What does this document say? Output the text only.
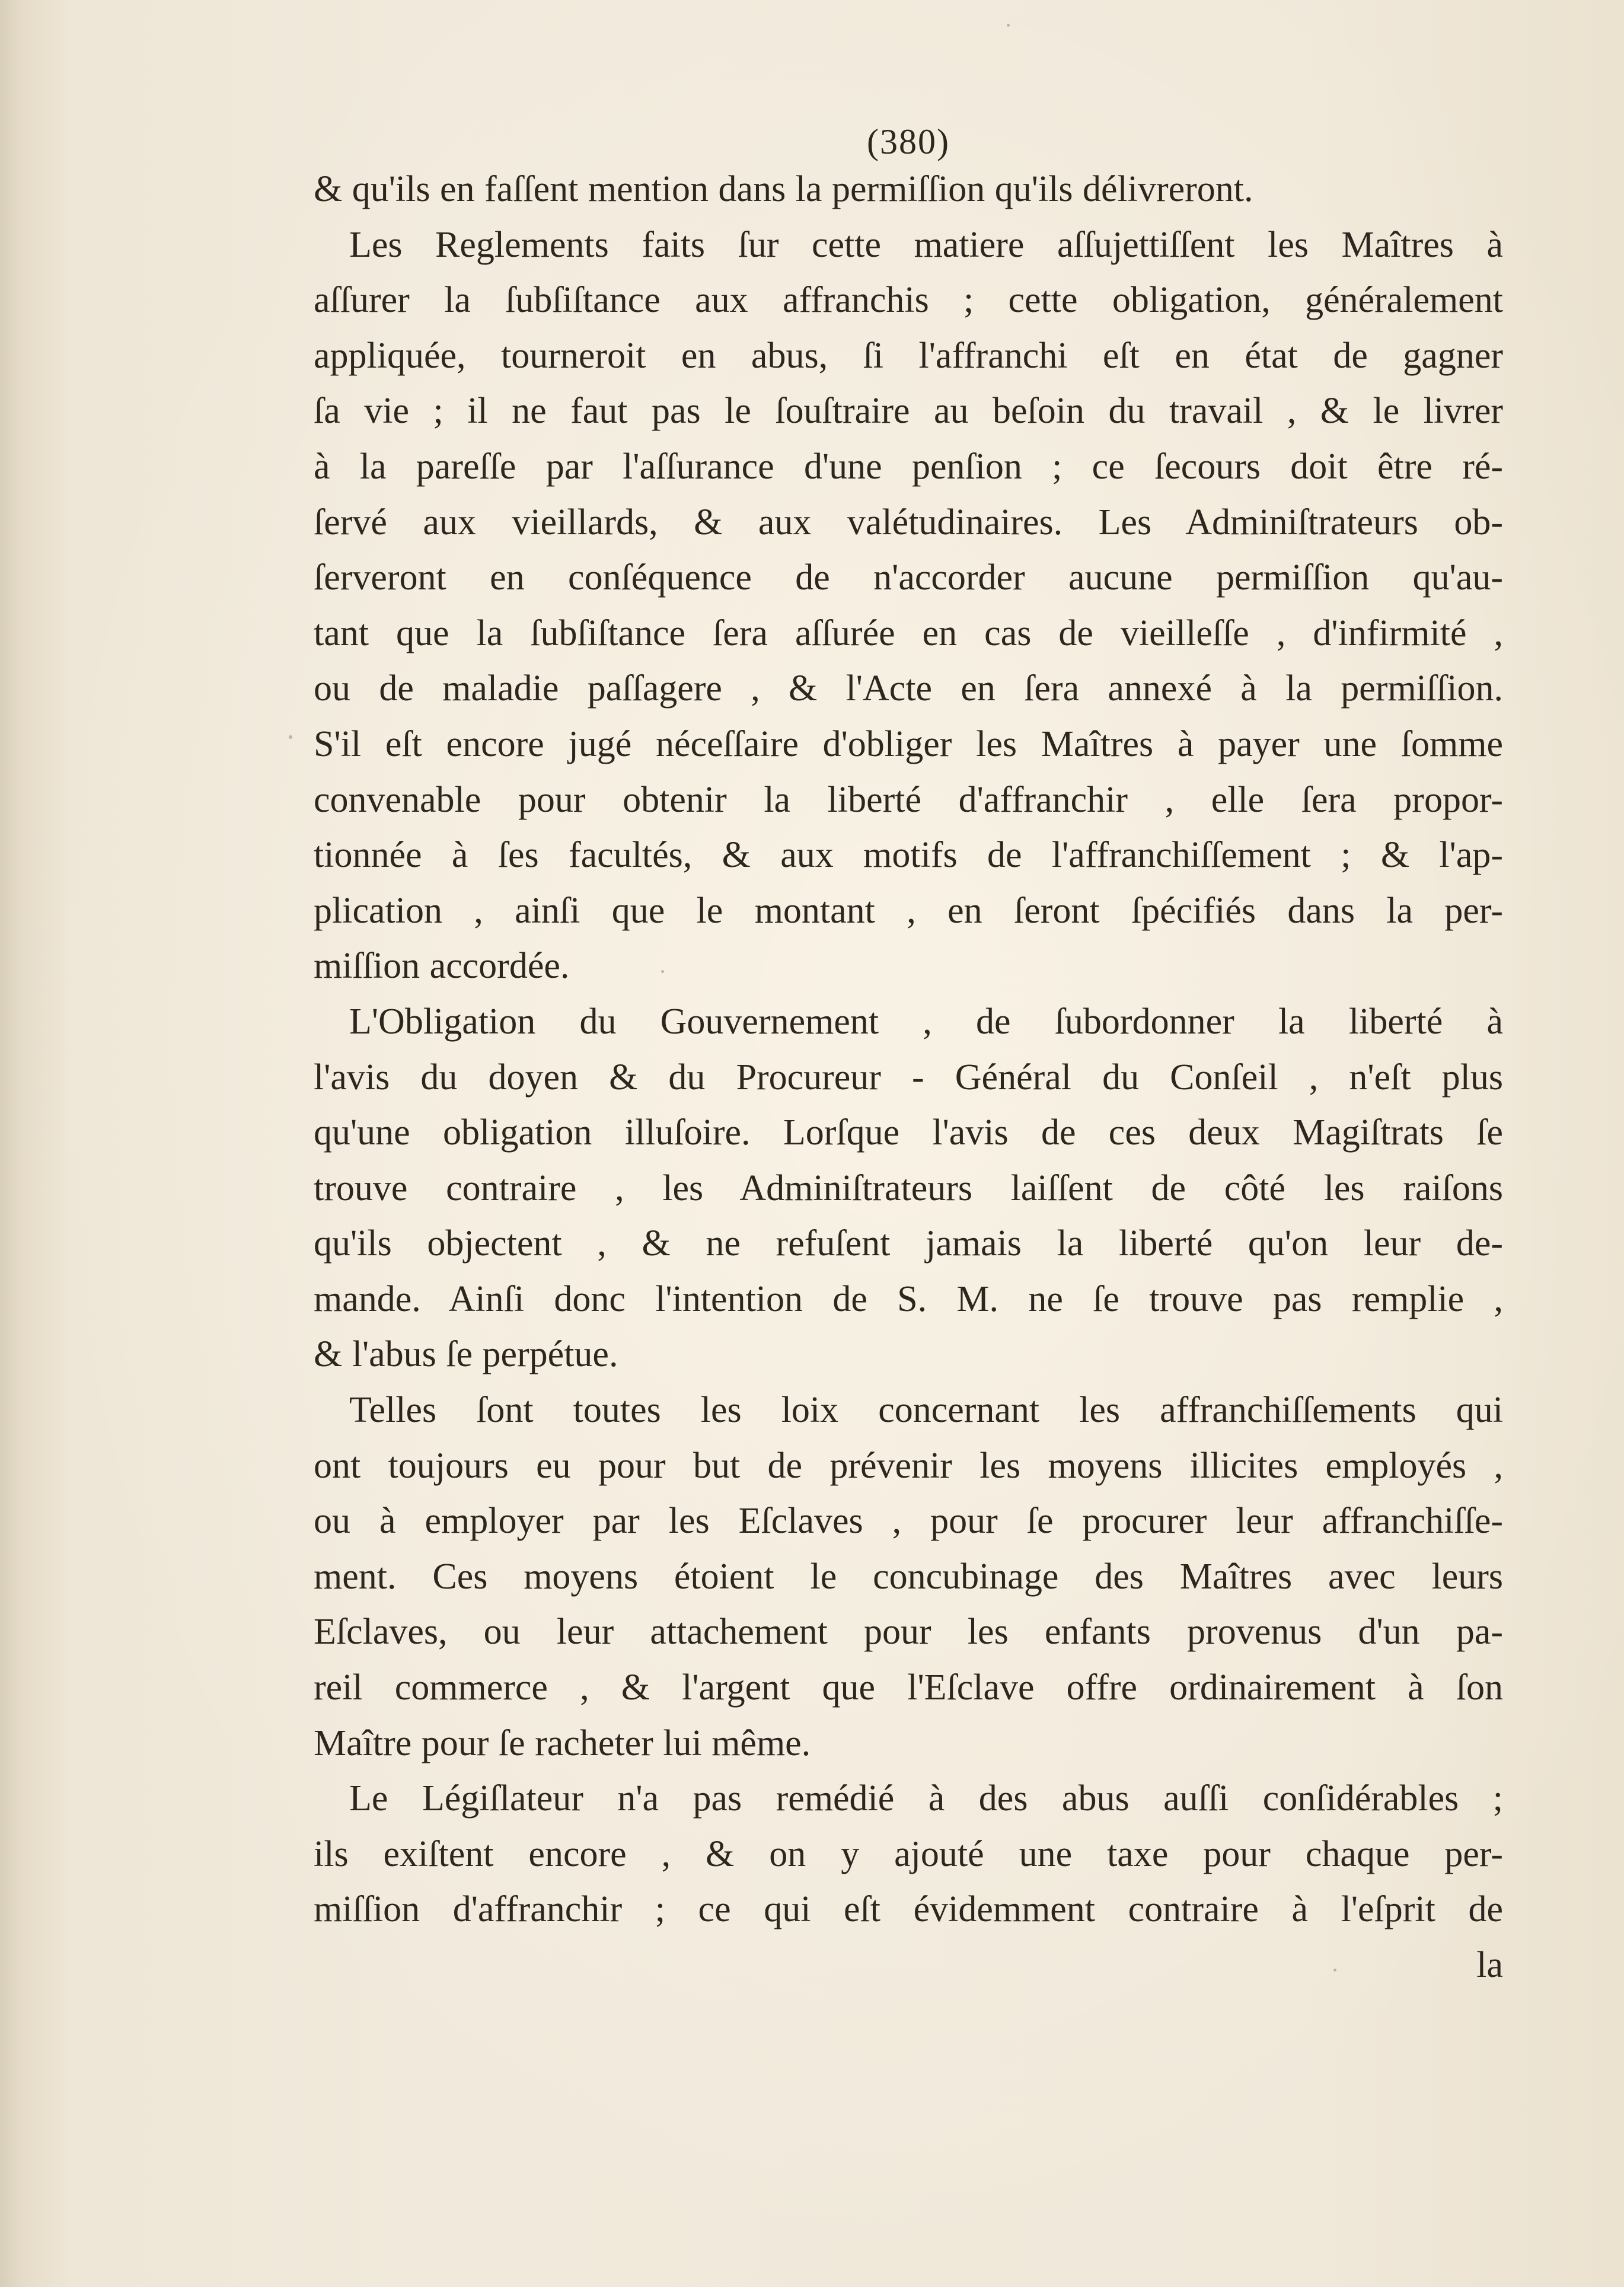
(380)
& qu'ils en faſſent mention dans la permiſſion qu'ils délivreront.
Les Reglements faits ſur cette matiere aſſujettiſſent les Maîtres à
aſſurer la ſubſiſtance aux affranchis ; cette obligation, généralement
appliquée, tourneroit en abus, ſi l'affranchi eſt en état de gagner
ſa vie ; il ne faut pas le ſouſtraire au beſoin du travail , & le livrer
à la pareſſe par l'aſſurance d'une penſion ; ce ſecours doit être ré-
ſervé aux vieillards, & aux valétudinaires. Les Adminiſtrateurs ob-
ſerveront en conſéquence de n'accorder aucune permiſſion qu'au-
tant que la ſubſiſtance ſera aſſurée en cas de vieilleſſe , d'infirmité ,
ou de maladie paſſagere , & l'Acte en ſera annexé à la permiſſion.
S'il eſt encore jugé néceſſaire d'obliger les Maîtres à payer une ſomme
convenable pour obtenir la liberté d'affranchir , elle ſera propor-
tionnée à ſes facultés, & aux motifs de l'affranchiſſement ; & l'ap-
plication , ainſi que le montant , en ſeront ſpécifiés dans la per-
miſſion accordée.
L'Obligation du Gouvernement , de ſubordonner la liberté à
l'avis du doyen & du Procureur - Général du Conſeil , n'eſt plus
qu'une obligation illuſoire. Lorſque l'avis de ces deux Magiſtrats ſe
trouve contraire , les Adminiſtrateurs laiſſent de côté les raiſons
qu'ils objectent , & ne refuſent jamais la liberté qu'on leur de-
mande. Ainſi donc l'intention de S. M. ne ſe trouve pas remplie ,
& l'abus ſe perpétue.
Telles ſont toutes les loix concernant les affranchiſſements qui
ont toujours eu pour but de prévenir les moyens illicites employés ,
ou à employer par les Eſclaves , pour ſe procurer leur affranchiſſe-
ment. Ces moyens étoient le concubinage des Maîtres avec leurs
Eſclaves, ou leur attachement pour les enfants provenus d'un pa-
reil commerce , & l'argent que l'Eſclave offre ordinairement à ſon
Maître pour ſe racheter lui même.
Le Légiſlateur n'a pas remédié à des abus auſſi conſidérables ;
ils exiſtent encore , & on y ajouté une taxe pour chaque per-
miſſion d'affranchir ; ce qui eſt évidemment contraire à l'eſprit de
la
